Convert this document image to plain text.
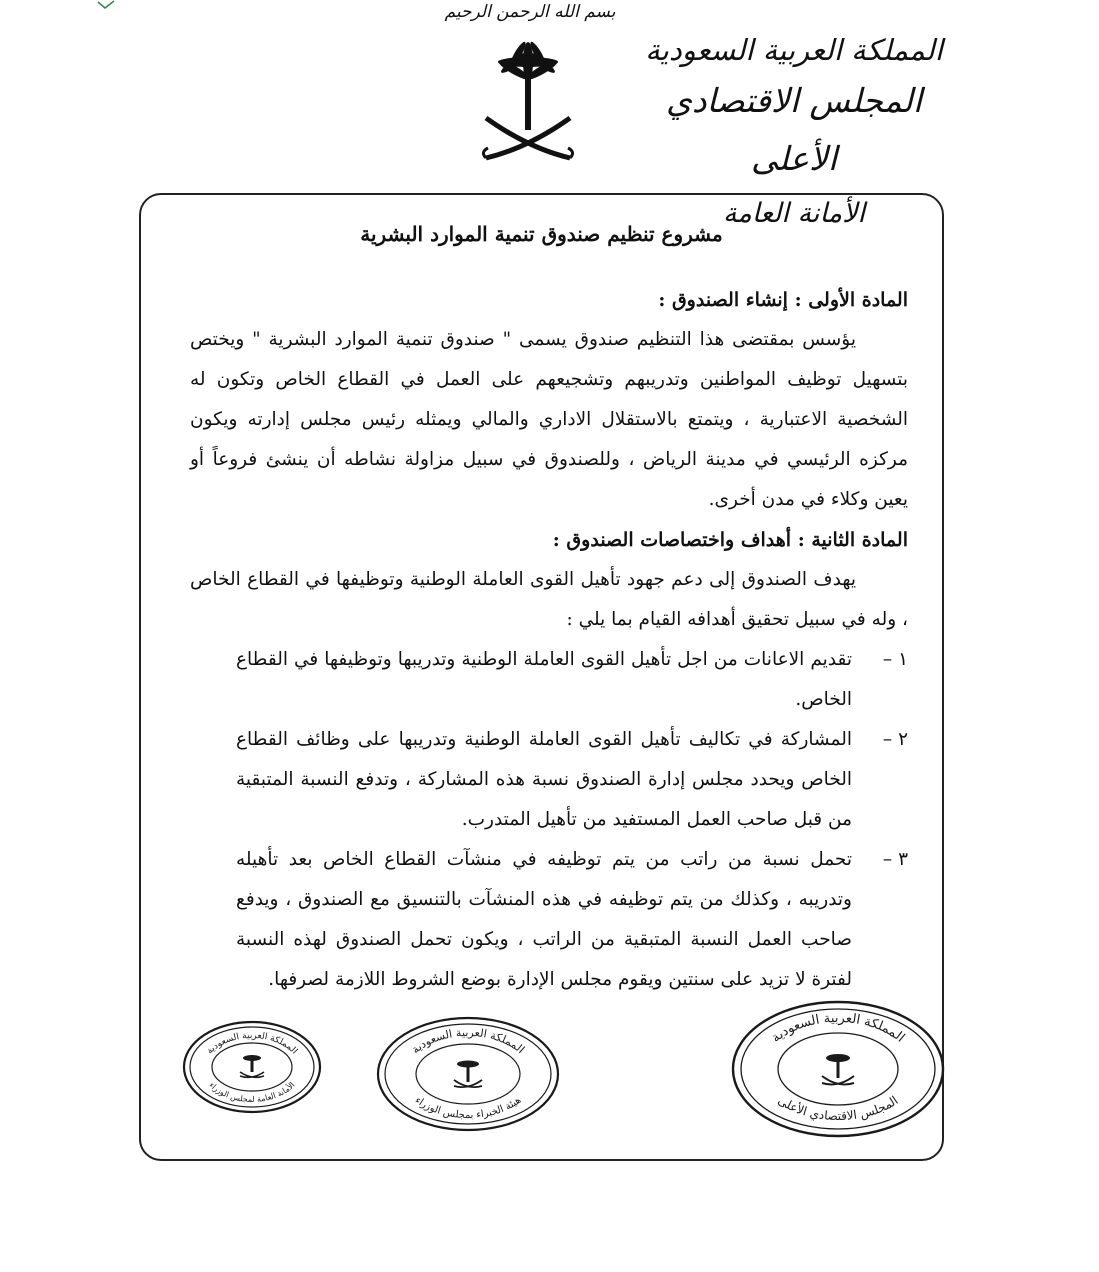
بسم الله الرحمن الرحيم
المملكة العربية السعودية
المجلس الاقتصادي الأعلى
الأمانة العامة
مشروع تنظيم صندوق تنمية الموارد البشرية

المادة الأولى : إنشاء الصندوق :

يؤسس بمقتضى هذا التنظيم صندوق يسمى " صندوق تنمية الموارد البشرية " ويختص بتسهيل توظيف المواطنين وتدريبهم وتشجيعهم على العمل في القطاع الخاص وتكون له الشخصية الاعتبارية ، ويتمتع بالاستقلال الاداري والمالي ويمثله رئيس مجلس إدارته ويكون مركزه الرئيسي في مدينة الرياض ، وللصندوق في سبيل مزاولة نشاطه أن ينشئ فروعاً أو يعين وكلاء في مدن أخرى.

المادة الثانية : أهداف واختصاصات الصندوق :

يهدف الصندوق إلى دعم جهود تأهيل القوى العاملة الوطنية وتوظيفها في القطاع الخاص ، وله في سبيل تحقيق أهدافه القيام بما يلي :

١ –
تقديم الاعانات من اجل تأهيل القوى العاملة الوطنية وتدريبها وتوظيفها في القطاع الخاص.
٢ –
المشاركة في تكاليف تأهيل القوى العاملة الوطنية وتدريبها على وظائف القطاع الخاص ويحدد مجلس إدارة الصندوق نسبة هذه المشاركة ، وتدفع النسبة المتبقية من قبل صاحب العمل المستفيد من تأهيل المتدرب.
٣ –
تحمل نسبة من راتب من يتم توظيفه في منشآت القطاع الخاص بعد تأهيله وتدريبه ، وكذلك من يتم توظيفه في هذه المنشآت بالتنسيق مع الصندوق ، ويدفع صاحب العمل النسبة المتبقية من الراتب ، ويكون تحمل الصندوق لهذه النسبة لفترة لا تزيد على سنتين ويقوم مجلس الإدارة بوضع الشروط اللازمة لصرفها.
المملكة العربية السعودية
الأمانة العامة لمجلس الوزراء
المملكة العربية السعودية
هيئة الخبراء بمجلس الوزراء
المملكة العربية السعودية
المجلس الاقتصادي الأعلى
